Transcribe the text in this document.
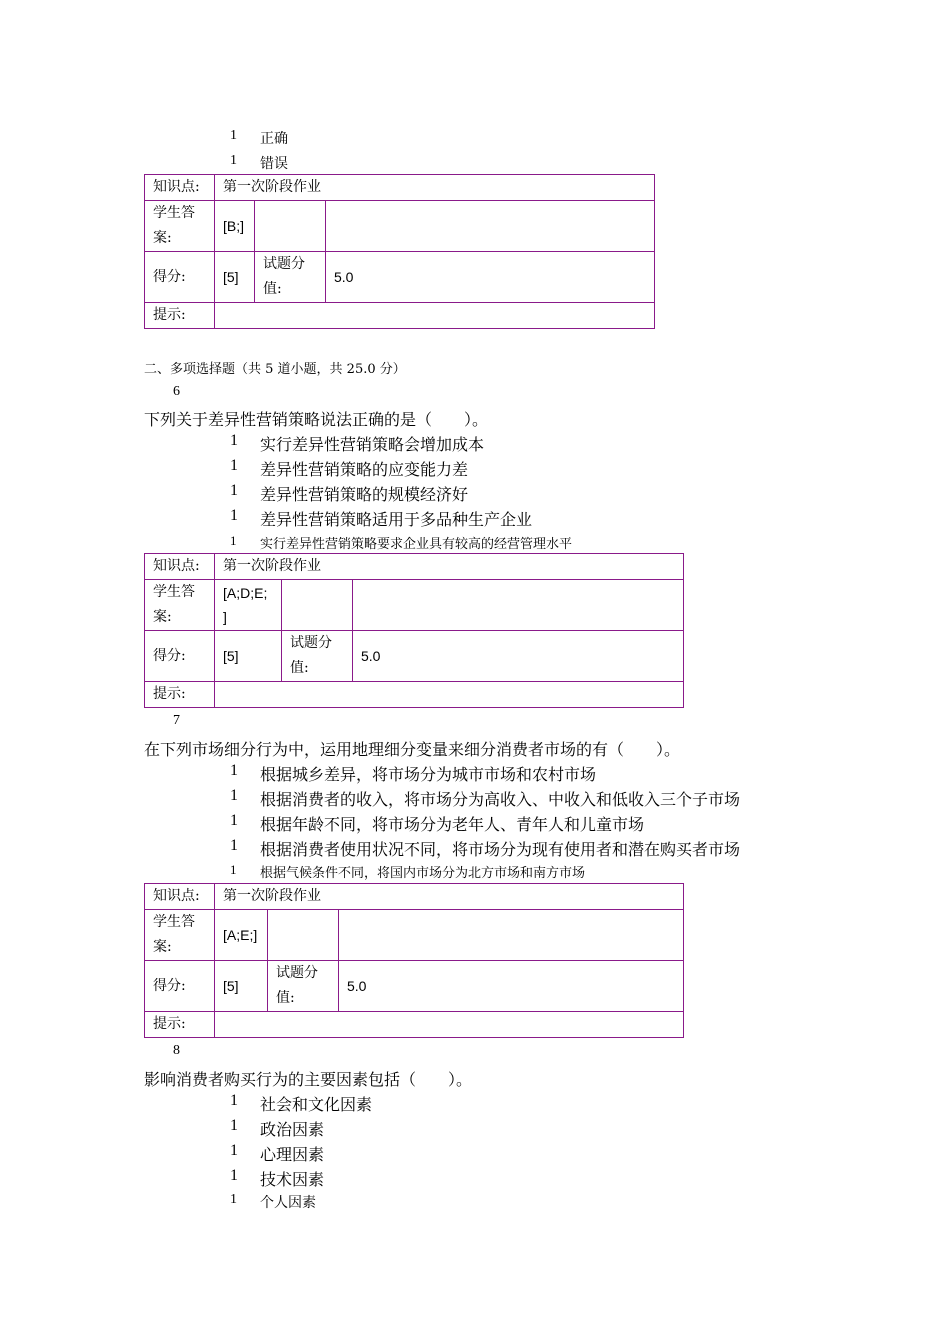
1 正确
1 错误
知识点:	第一次阶段作业		
学生答案:	[B;]		
得分:	[5]	试题分值:	5.0
提示:			
二、多项选择题（共 5 道小题，共 25.0 分）
6
下列关于差异性营销策略说法正确的是（　　）。
1 实行差异性营销策略会增加成本
1 差异性营销策略的应变能力差
1 差异性营销策略的规模经济好
1 差异性营销策略适用于多品种生产企业
1 实行差异性营销策略要求企业具有较高的经营管理水平
知识点:	第一次阶段作业		
学生答案:	[A;D;E;
]		
得分:	[5]	试题分值:	5.0
提示:			
7
在下列市场细分行为中，运用地理细分变量来细分消费者市场的有（　　）。
1 根据城乡差异，将市场分为城市市场和农村市场
1 根据消费者的收入，将市场分为高收入、中收入和低收入三个子市场
1 根据年龄不同，将市场分为老年人、青年人和儿童市场
1 根据消费者使用状况不同，将市场分为现有使用者和潜在购买者市场
1 根据气候条件不同，将国内市场分为北方市场和南方市场
知识点:	第一次阶段作业		
学生答案:	[A;E;]		
得分:	[5]	试题分值:	5.0
提示:			
8
影响消费者购买行为的主要因素包括（　　）。
1 社会和文化因素
1 政治因素
1 心理因素
1 技术因素
1 个人因素
